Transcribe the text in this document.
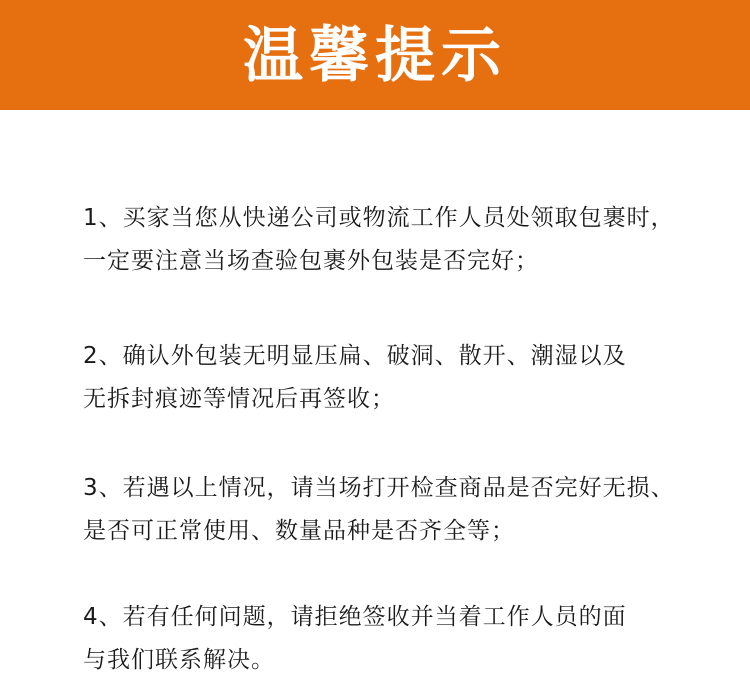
温馨提示
1、买家当您从快递公司或物流工作人员处领取包裹时，
一定要注意当场查验包裹外包装是否完好；
2、确认外包装无明显压扁、破洞、散开、潮湿以及
无拆封痕迹等情况后再签收；
3、若遇以上情况，请当场打开检查商品是否完好无损、
是否可正常使用、数量品种是否齐全等；
4、若有任何问题，请拒绝签收并当着工作人员的面
与我们联系解决。
